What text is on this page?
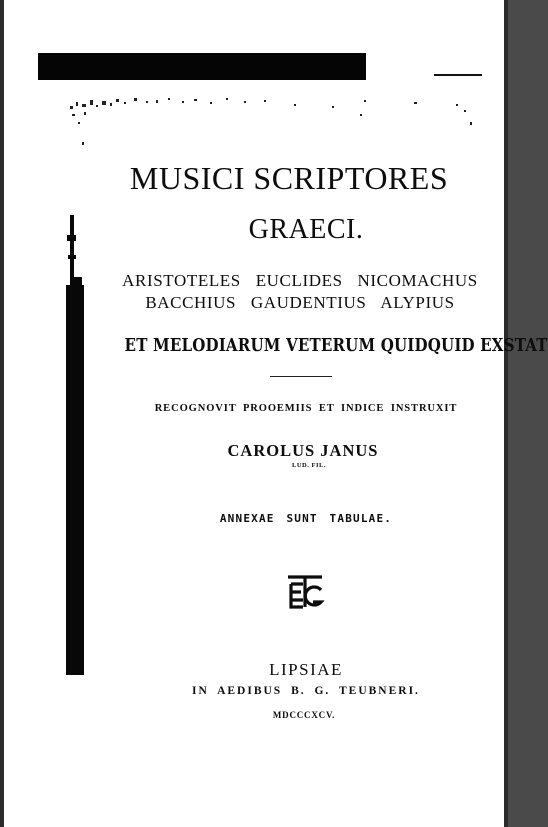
MUSICI SCRIPTORES
GRAECI.
ARISTOTELES EUCLIDES NICOMACHUS
BACCHIUS GAUDENTIUS ALYPIUS
ET MELODIARUM VETERUM QUIDQUID EXSTAT
RECOGNOVIT PROOEMIIS ET INDICE INSTRUXIT
CAROLUS JANUS
LUD. FIL.
ANNEXAE SUNT TABULAE.
LIPSIAE
IN AEDIBUS B. G. TEUBNERI.
MDCCCXCV.
